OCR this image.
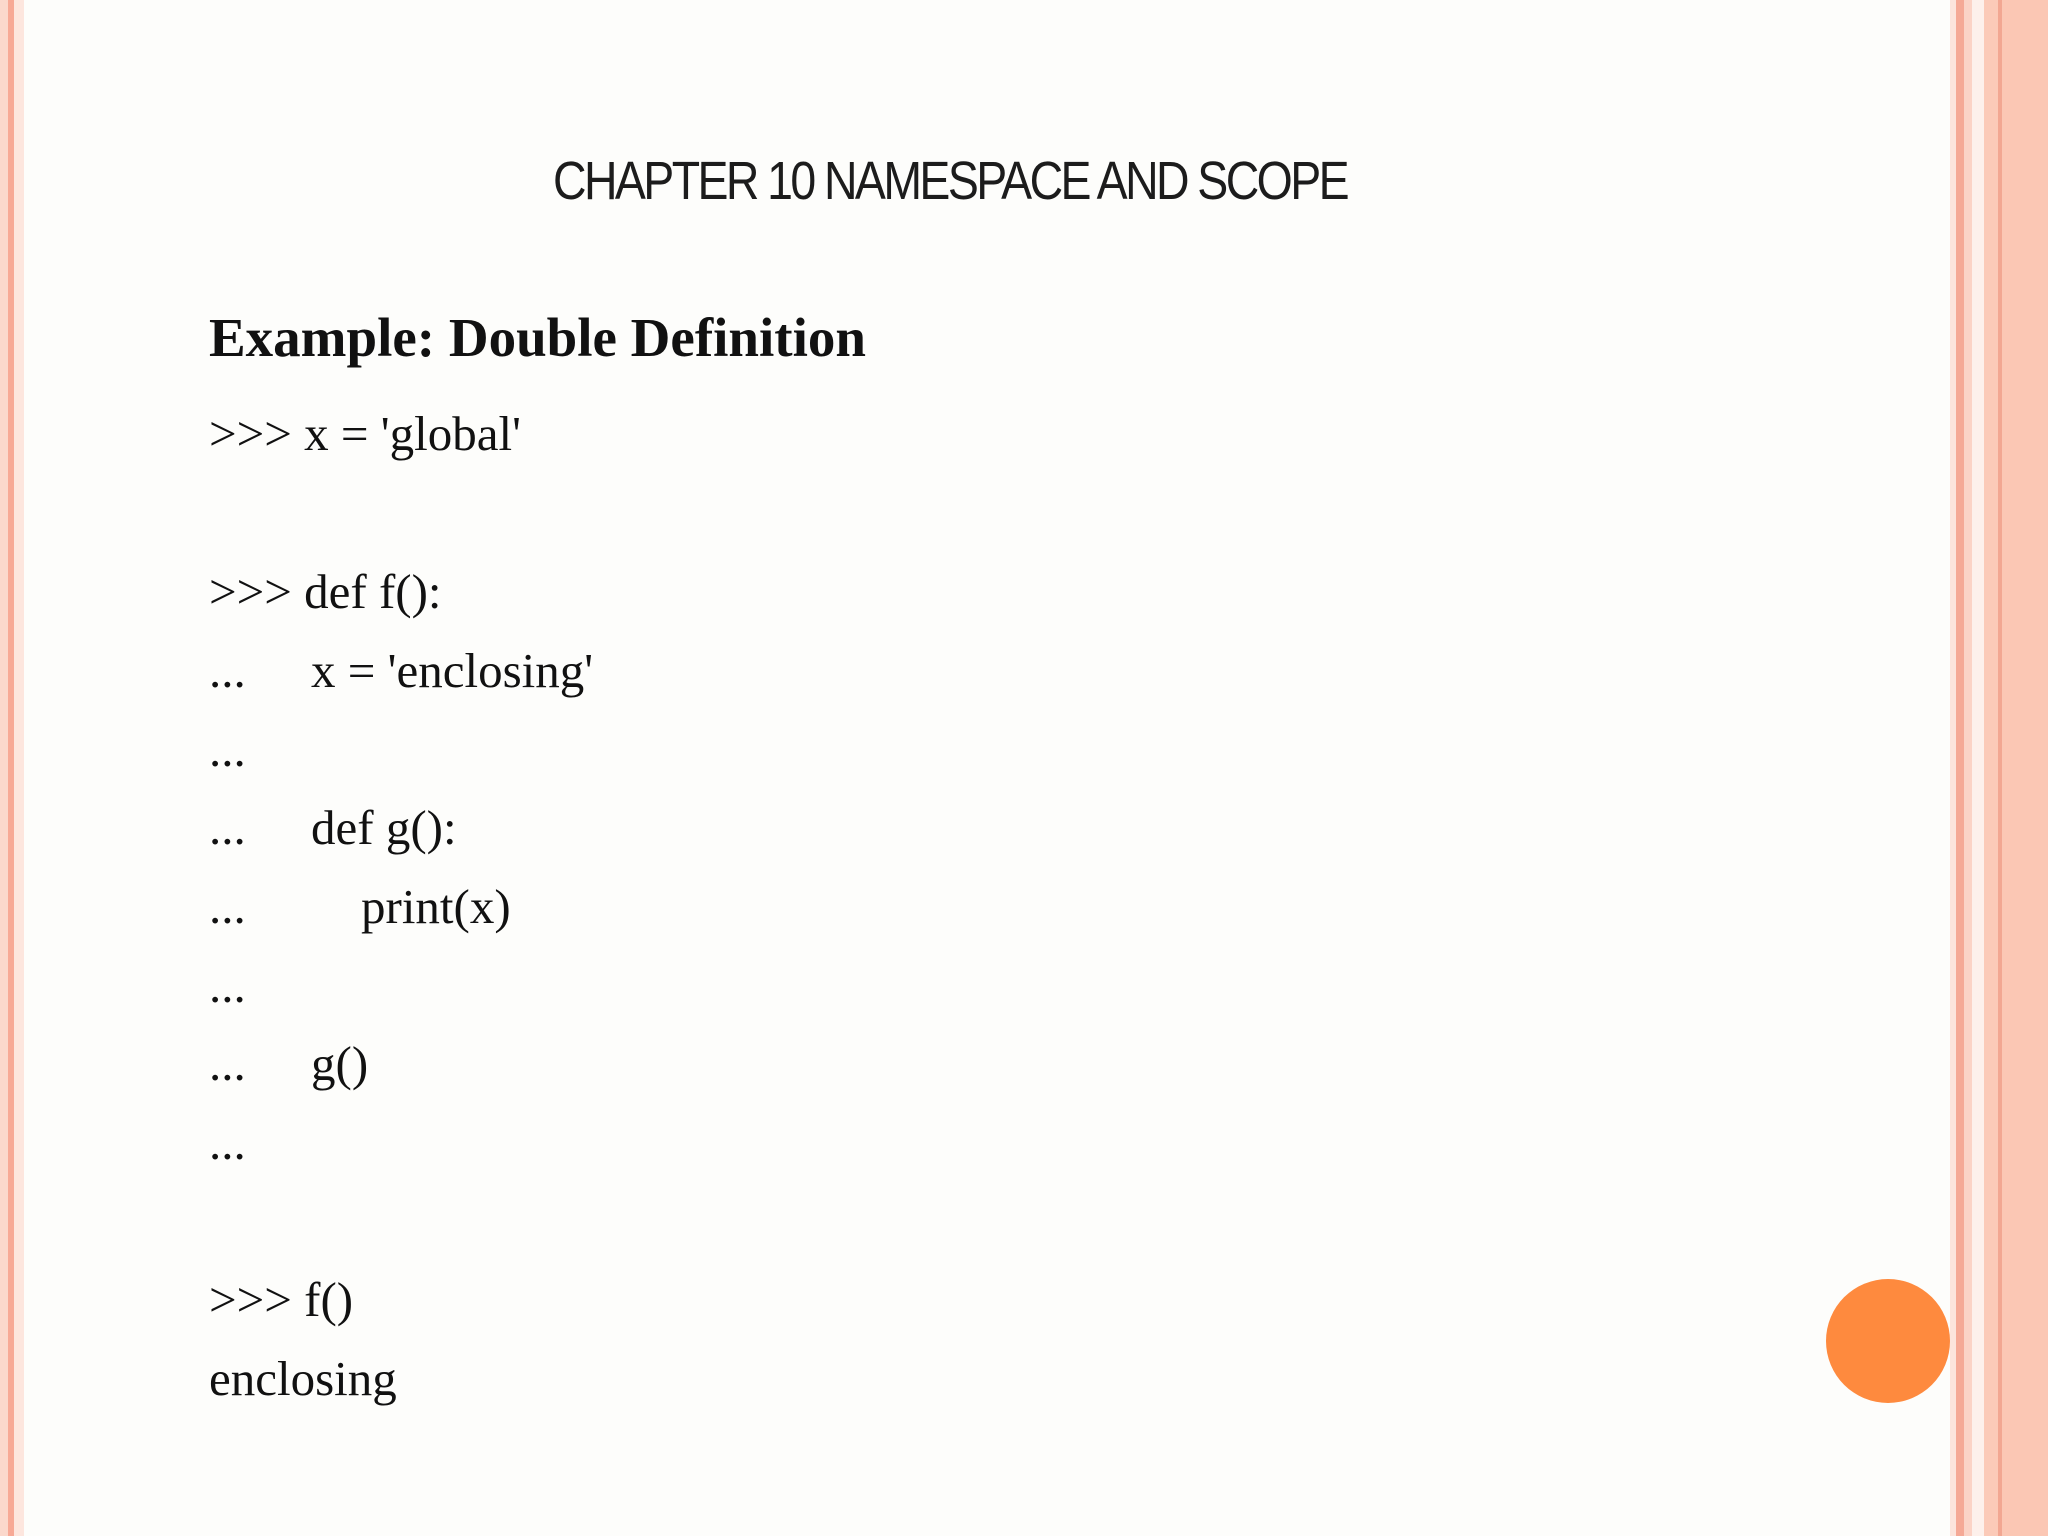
CHAPTER 10 NAMESPACE AND SCOPE
Example: Double Definition
>>> x = 'global'
>>> def f():
... x = 'enclosing'
...
... def g():
... print(x)
...
... g()
...
>>> f()
enclosing
